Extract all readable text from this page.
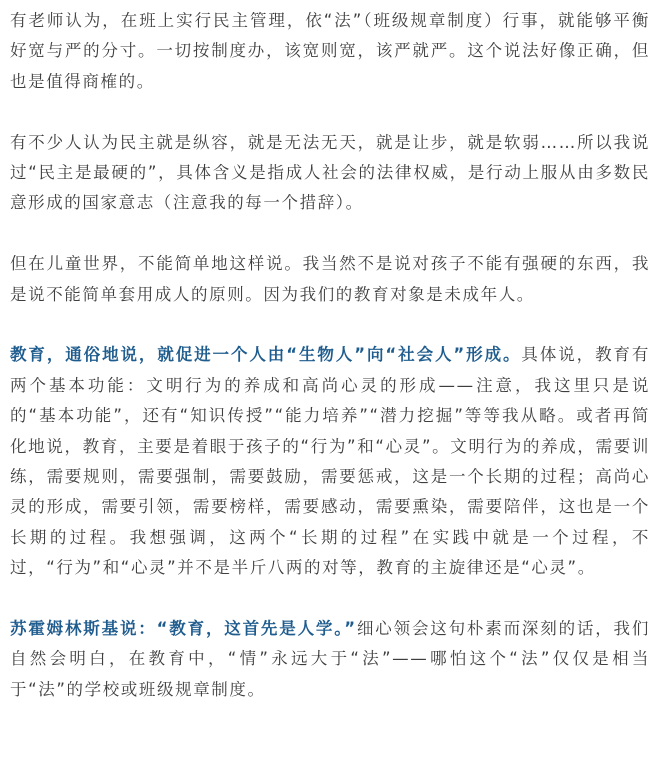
有老师认为，在班上实行民主管理，依“法”（班级规章制度）行事，就能够平衡好宽与严的分寸。一切按制度办，该宽则宽，该严就严。这个说法好像正确，但也是值得商榷的。

有不少人认为民主就是纵容，就是无法无天，就是让步，就是软弱……所以我说过“民主是最硬的”，具体含义是指成人社会的法律权威，是行动上服从由多数民意形成的国家意志（注意我的每一个措辞）。

但在儿童世界，不能简单地这样说。我当然不是说对孩子不能有强硬的东西，我是说不能简单套用成人的原则。因为我们的教育对象是未成年人。

教育，通俗地说，就促进一个人由“生物人”向“社会人”形成。具体说，教育有两个基本功能：文明行为的养成和高尚心灵的形成——注意，我这里只是说的“基本功能”，还有“知识传授”“能力培养”“潜力挖掘”等等我从略。或者再简化地说，教育，主要是着眼于孩子的“行为”和“心灵”。文明行为的养成，需要训练，需要规则，需要强制，需要鼓励，需要惩戒，这是一个长期的过程；高尚心灵的形成，需要引领，需要榜样，需要感动，需要熏染，需要陪伴，这也是一个长期的过程。我想强调，这两个“长期的过程”在实践中就是一个过程，不过，“行为”和“心灵”并不是半斤八两的对等，教育的主旋律还是“心灵”。

苏霍姆林斯基说：“教育，这首先是人学。”细心领会这句朴素而深刻的话，我们自然会明白，在教育中，“情”永远大于“法”——哪怕这个“法”仅仅是相当于“法”的学校或班级规章制度。
